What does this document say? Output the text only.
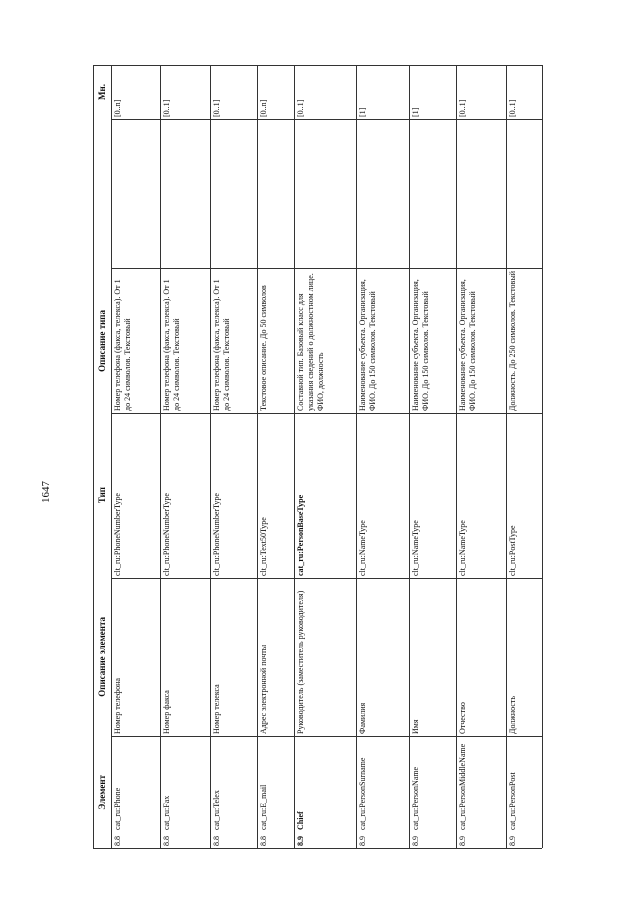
1647
Элемент
Описание элемента
Тип
Описание типа
Мн.
8.8
cat_ru:Phone
Номер телефона
clt_ru:PhoneNumberType
Номер телефона (факса, телекса). От 1 до 24 символов. Текстовый
[0..n]
8.8
cat_ru:Fax
Номер факса
clt_ru:PhoneNumberType
Номер телефона (факса, телекса). От 1 до 24 символов. Текстовый
[0..1]
8.8
cat_ru:Telex
Номер телекса
clt_ru:PhoneNumberType
Номер телефона (факса, телекса). От 1 до 24 символов. Текстовый
[0..1]
8.8
cat_ru:E_mail
Адрес электронной почты
clt_ru:Text50Type
Текстовое описание. До 50 символов
[0..n]
8.9
Chief
Руководитель (заместитель руководителя)
cat_ru:PersonBaseType
Составной тип. Базовый класс для указания сведений о должностном лице. ФИО, должность
[0..1]
8.9
cat_ru:PersonSurname
Фамилия
clt_ru:NameType
Наименование субъекта. Организация, ФИО. До 150 символов. Текстовый
[1]
8.9
cat_ru:PersonName
Имя
clt_ru:NameType
Наименование субъекта. Организация, ФИО. До 150 символов. Текстовый
[1]
8.9
cat_ru:PersonMiddleName
Отчество
clt_ru:NameType
Наименование субъекта. Организация, ФИО. До 150 символов. Текстовый
[0..1]
8.9
cat_ru:PersonPost
Должность
clt_ru:PostType
Должность. До 250 символов. Текстовый
[0..1]
